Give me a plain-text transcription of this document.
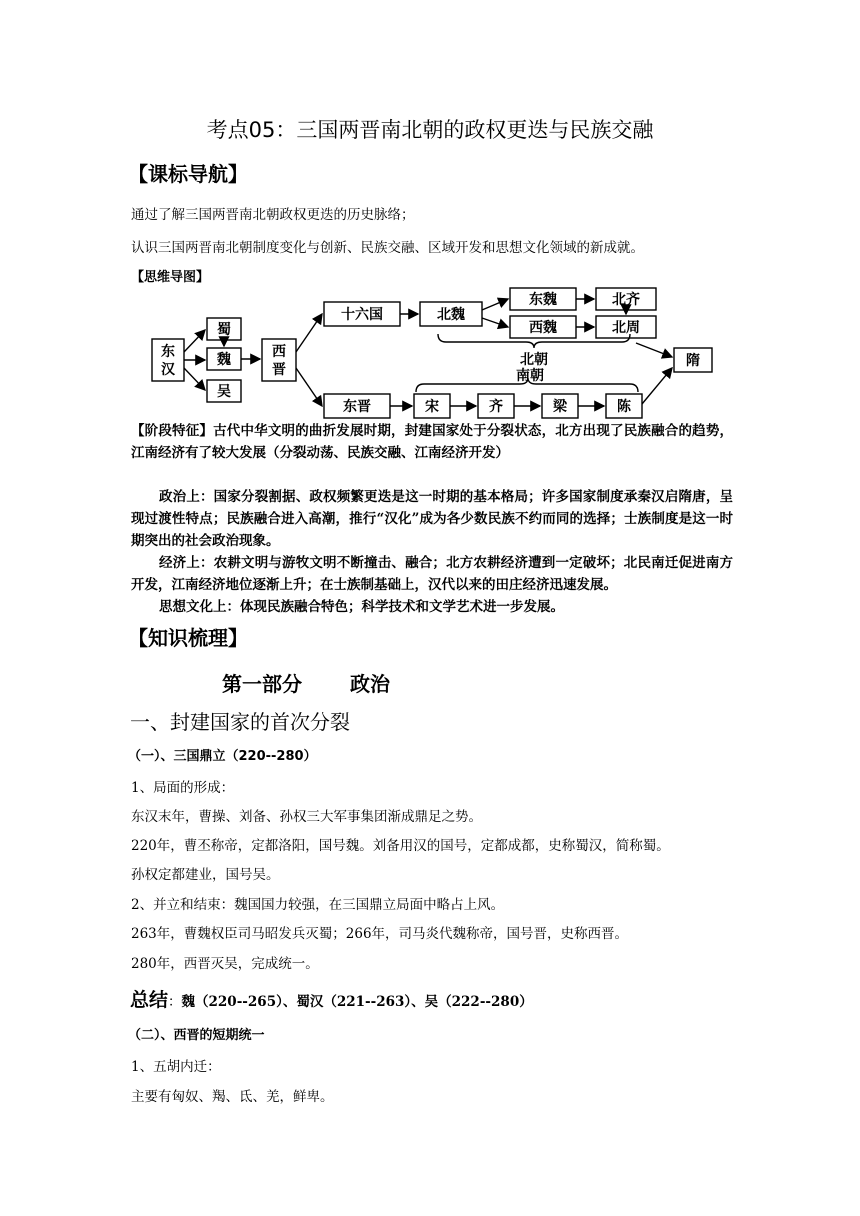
考点05：三国两晋南北朝的政权更迭与民族交融
【课标导航】
通过了解三国两晋南北朝政权更迭的历史脉络；
认识三国两晋南北朝制度变化与创新、民族交融、区域开发和思想文化领域的新成就。
【思维导图】
东
汉
蜀
魏
吴
西
晋
十六国	北魏
东魏
西魏
北齐
北周
隋
东晋	宋	齐	梁	陈
北朝
南朝
【阶段特征】古代中华文明的曲折发展时期，封建国家处于分裂状态，北方出现了民族融合的趋势，江南经济有了较大发展（分裂动荡、民族交融、江南经济开发）
政治上：国家分裂割据、政权频繁更迭是这一时期的基本格局；许多国家制度承秦汉启隋唐，呈现过渡性特点；民族融合进入高潮，推行“汉化”成为各少数民族不约而同的选择；士族制度是这一时期突出的社会政治现象。
经济上：农耕文明与游牧文明不断撞击、融合；北方农耕经济遭到一定破坏；北民南迁促进南方开发，江南经济地位逐渐上升；在士族制基础上，汉代以来的田庄经济迅速发展。
思想文化上：体现民族融合特色；科学技术和文学艺术进一步发展。
【知识梳理】
第一部分 政治
一、封建国家的首次分裂
（一）、三国鼎立（220--280）
1、局面的形成：
东汉末年，曹操、刘备、孙权三大军事集团渐成鼎足之势。
220年，曹丕称帝，定都洛阳，国号魏。刘备用汉的国号，定都成都，史称蜀汉，简称蜀。
孙权定都建业，国号吴。
2、并立和结束：魏国国力较强，在三国鼎立局面中略占上风。
263年，曹魏权臣司马昭发兵灭蜀；266年，司马炎代魏称帝，国号晋，史称西晋。
280年，西晋灭吴，完成统一。
总结：魏（220--265）、蜀汉（221--263）、吴（222--280）
（二）、西晋的短期统一
1、五胡内迁：
主要有匈奴、羯、氐、羌，鲜卑。
